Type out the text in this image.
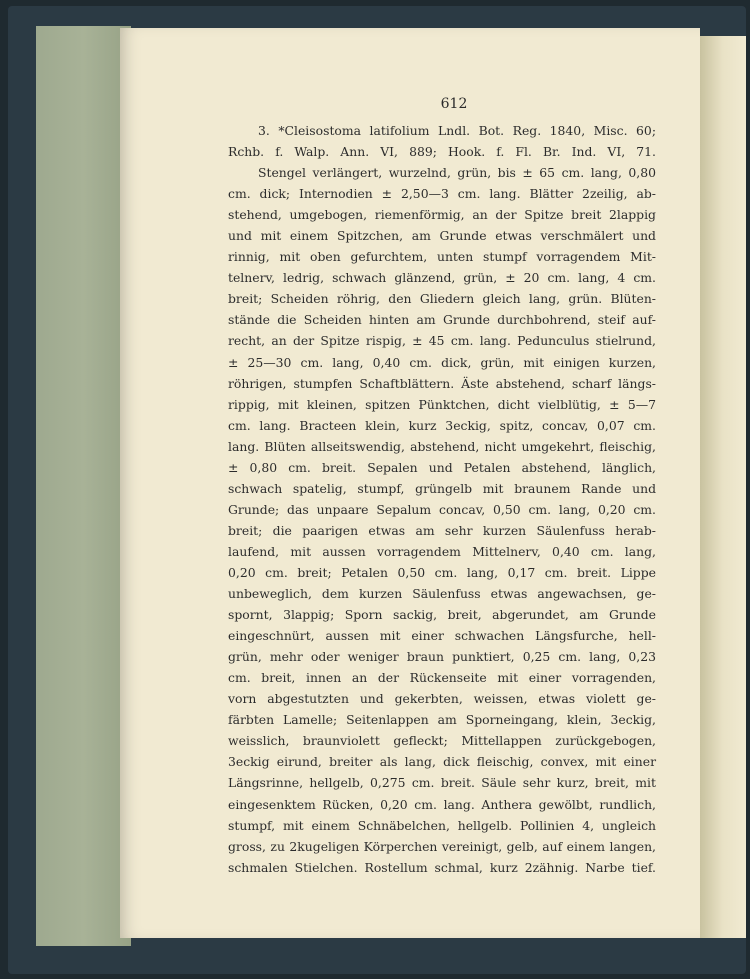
612
3. *Cleisostoma latifolium Lndl. Bot. Reg. 1840, Misc. 60;
Rchb. f. Walp. Ann. VI, 889; Hook. f. Fl. Br. Ind. VI, 71.
Stengel verlängert, wurzelnd, grün, bis ± 65 cm. lang, 0,80
cm. dick; Internodien ± 2,50—3 cm. lang. Blätter 2zeilig, ab-
stehend, umgebogen, riemenförmig, an der Spitze breit 2lappig
und mit einem Spitzchen, am Grunde etwas verschmälert und
rinnig, mit oben gefurchtem, unten stumpf vorragendem Mit-
telnerv, ledrig, schwach glänzend, grün, ± 20 cm. lang, 4 cm.
breit; Scheiden röhrig, den Gliedern gleich lang, grün. Blüten-
stände die Scheiden hinten am Grunde durchbohrend, steif auf-
recht, an der Spitze rispig, ± 45 cm. lang. Pedunculus stielrund,
± 25—30 cm. lang, 0,40 cm. dick, grün, mit einigen kurzen,
röhrigen, stumpfen Schaftblättern. Äste abstehend, scharf längs-
rippig, mit kleinen, spitzen Pünktchen, dicht vielblütig, ± 5—7
cm. lang. Bracteen klein, kurz 3eckig, spitz, concav, 0,07 cm.
lang. Blüten allseitswendig, abstehend, nicht umgekehrt, fleischig,
± 0,80 cm. breit. Sepalen und Petalen abstehend, länglich,
schwach spatelig, stumpf, grüngelb mit braunem Rande und
Grunde; das unpaare Sepalum concav, 0,50 cm. lang, 0,20 cm.
breit; die paarigen etwas am sehr kurzen Säulenfuss herab-
laufend, mit aussen vorragendem Mittelnerv, 0,40 cm. lang,
0,20 cm. breit; Petalen 0,50 cm. lang, 0,17 cm. breit. Lippe
unbeweglich, dem kurzen Säulenfuss etwas angewachsen, ge-
spornt, 3lappig; Sporn sackig, breit, abgerundet, am Grunde
eingeschnürt, aussen mit einer schwachen Längsfurche, hell-
grün, mehr oder weniger braun punktiert, 0,25 cm. lang, 0,23
cm. breit, innen an der Rückenseite mit einer vorragenden,
vorn abgestutzten und gekerbten, weissen, etwas violett ge-
färbten Lamelle; Seitenlappen am Sporneingang, klein, 3eckig,
weisslich, braunviolett gefleckt; Mittellappen zurückgebogen,
3eckig eirund, breiter als lang, dick fleischig, convex, mit einer
Längsrinne, hellgelb, 0,275 cm. breit. Säule sehr kurz, breit, mit
eingesenktem Rücken, 0,20 cm. lang. Anthera gewölbt, rundlich,
stumpf, mit einem Schnäbelchen, hellgelb. Pollinien 4, ungleich
gross, zu 2kugeligen Körperchen vereinigt, gelb, auf einem langen,
schmalen Stielchen. Rostellum schmal, kurz 2zähnig. Narbe tief.
